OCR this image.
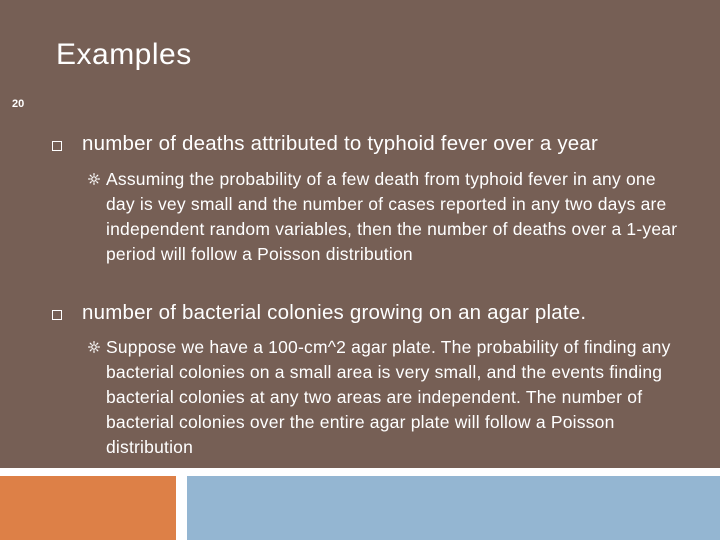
Examples
20
number of deaths attributed to typhoid fever over a year
Assuming the probability of a few death from typhoid fever in any one day is vey small and the number of cases reported in any two days are independent random variables, then the number of deaths over a 1-year period will follow a Poisson distribution
number of bacterial colonies growing on an agar plate.
Suppose we have a 100-cm^2 agar plate. The probability of finding any bacterial colonies on a small area is very small, and the events finding bacterial colonies at any two areas are independent. The number of bacterial colonies over the entire agar plate will follow a Poisson distribution
